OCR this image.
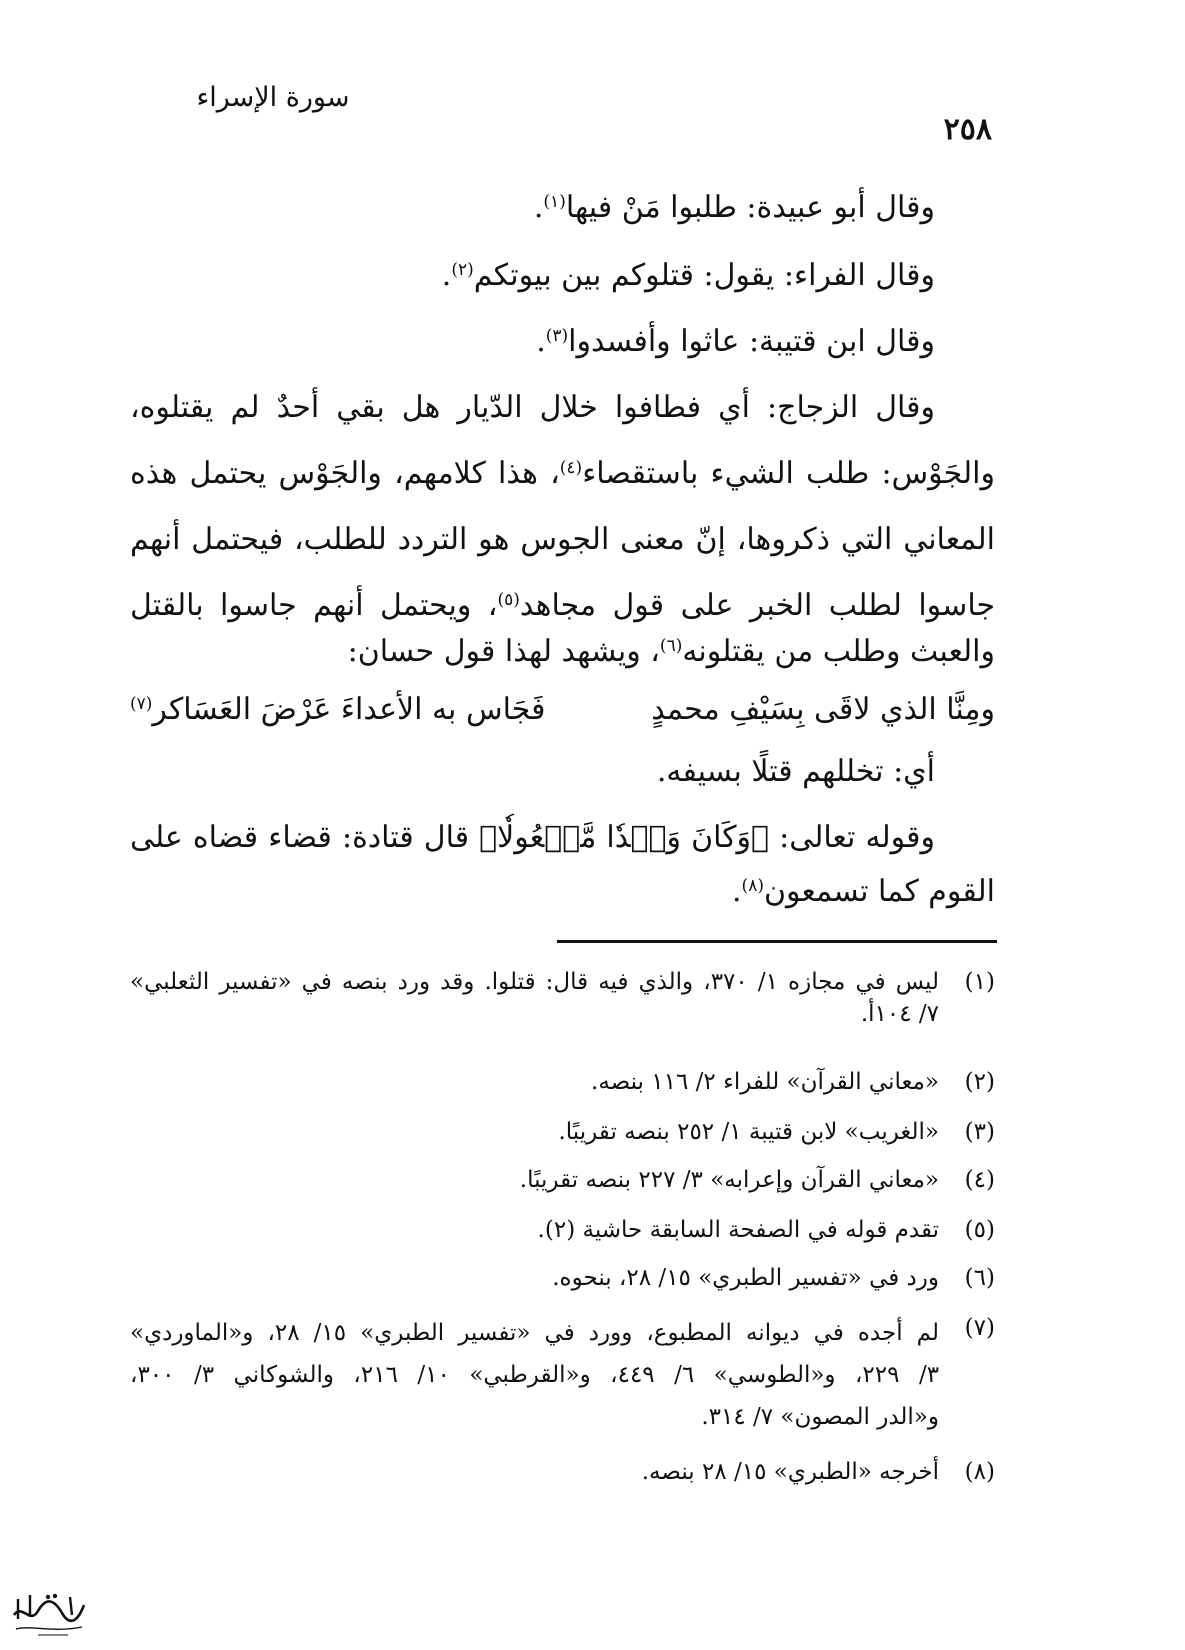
سورة الإسراء
٢٥٨
وقال أبو عبيدة: طلبوا مَنْ فيها$^{(١)}$.
وقال الفراء: يقول: قتلوكم بين بيوتكم$^{(٢)}$.
وقال ابن قتيبة: عاثوا وأفسدوا$^{(٣)}$.
وقال الزجاج: أي فطافوا خلال الدّيار هل بقي أحدٌ لم يقتلوه،
والجَوْس: طلب الشيء باستقصاء$^{(٤)}$، هذا كلامهم، والجَوْس يحتمل هذه
المعاني التي ذكروها، إنّ معنى الجوس هو التردد للطلب، فيحتمل أنهم
جاسوا لطلب الخبر على قول مجاهد$^{(٥)}$، ويحتمل أنهم جاسوا بالقتل
والعبث وطلب من يقتلونه$^{(٦)}$، ويشهد لهذا قول حسان:
ومِنَّا الذي لاقَى بِسَيْفِ محمدٍ
فَجَاس به الأعداءَ عَرْضَ العَسَاكر$^{(٧)}$
أي: تخللهم قتلًا بسيفه.
وقوله تعالى: ﴿وَكَانَ وَعۡدٗا مَّفۡعُولٗا﴾ قال قتادة: قضاء قضاه على
القوم كما تسمعون$^{(٨)}$.
(١)
ليس في مجازه ١/ ٣٧٠، والذي فيه قال: قتلوا. وقد ورد بنصه في «تفسير الثعلبي»
٧/ ١٠٤أ.
(٢)
«معاني القرآن» للفراء ٢/ ١١٦ بنصه.
(٣)
«الغريب» لابن قتيبة ١/ ٢٥٢ بنصه تقريبًا.
(٤)
«معاني القرآن وإعرابه» ٣/ ٢٢٧ بنصه تقريبًا.
(٥)
تقدم قوله في الصفحة السابقة حاشية (٢).
(٦)
ورد في «تفسير الطبري» ١٥/ ٢٨، بنحوه.
(٧)
لم أجده في ديوانه المطبوع، وورد في «تفسير الطبري» ١٥/ ٢٨، و«الماوردي»
٣/ ٢٢٩، و«الطوسي» ٦/ ٤٤٩، و«القرطبي» ١٠/ ٢١٦، والشوكاني ٣/ ٣٠٠،
و«الدر المصون» ٧/ ٣١٤.
(٨)
أخرجه «الطبري» ١٥/ ٢٨ بنصه.
